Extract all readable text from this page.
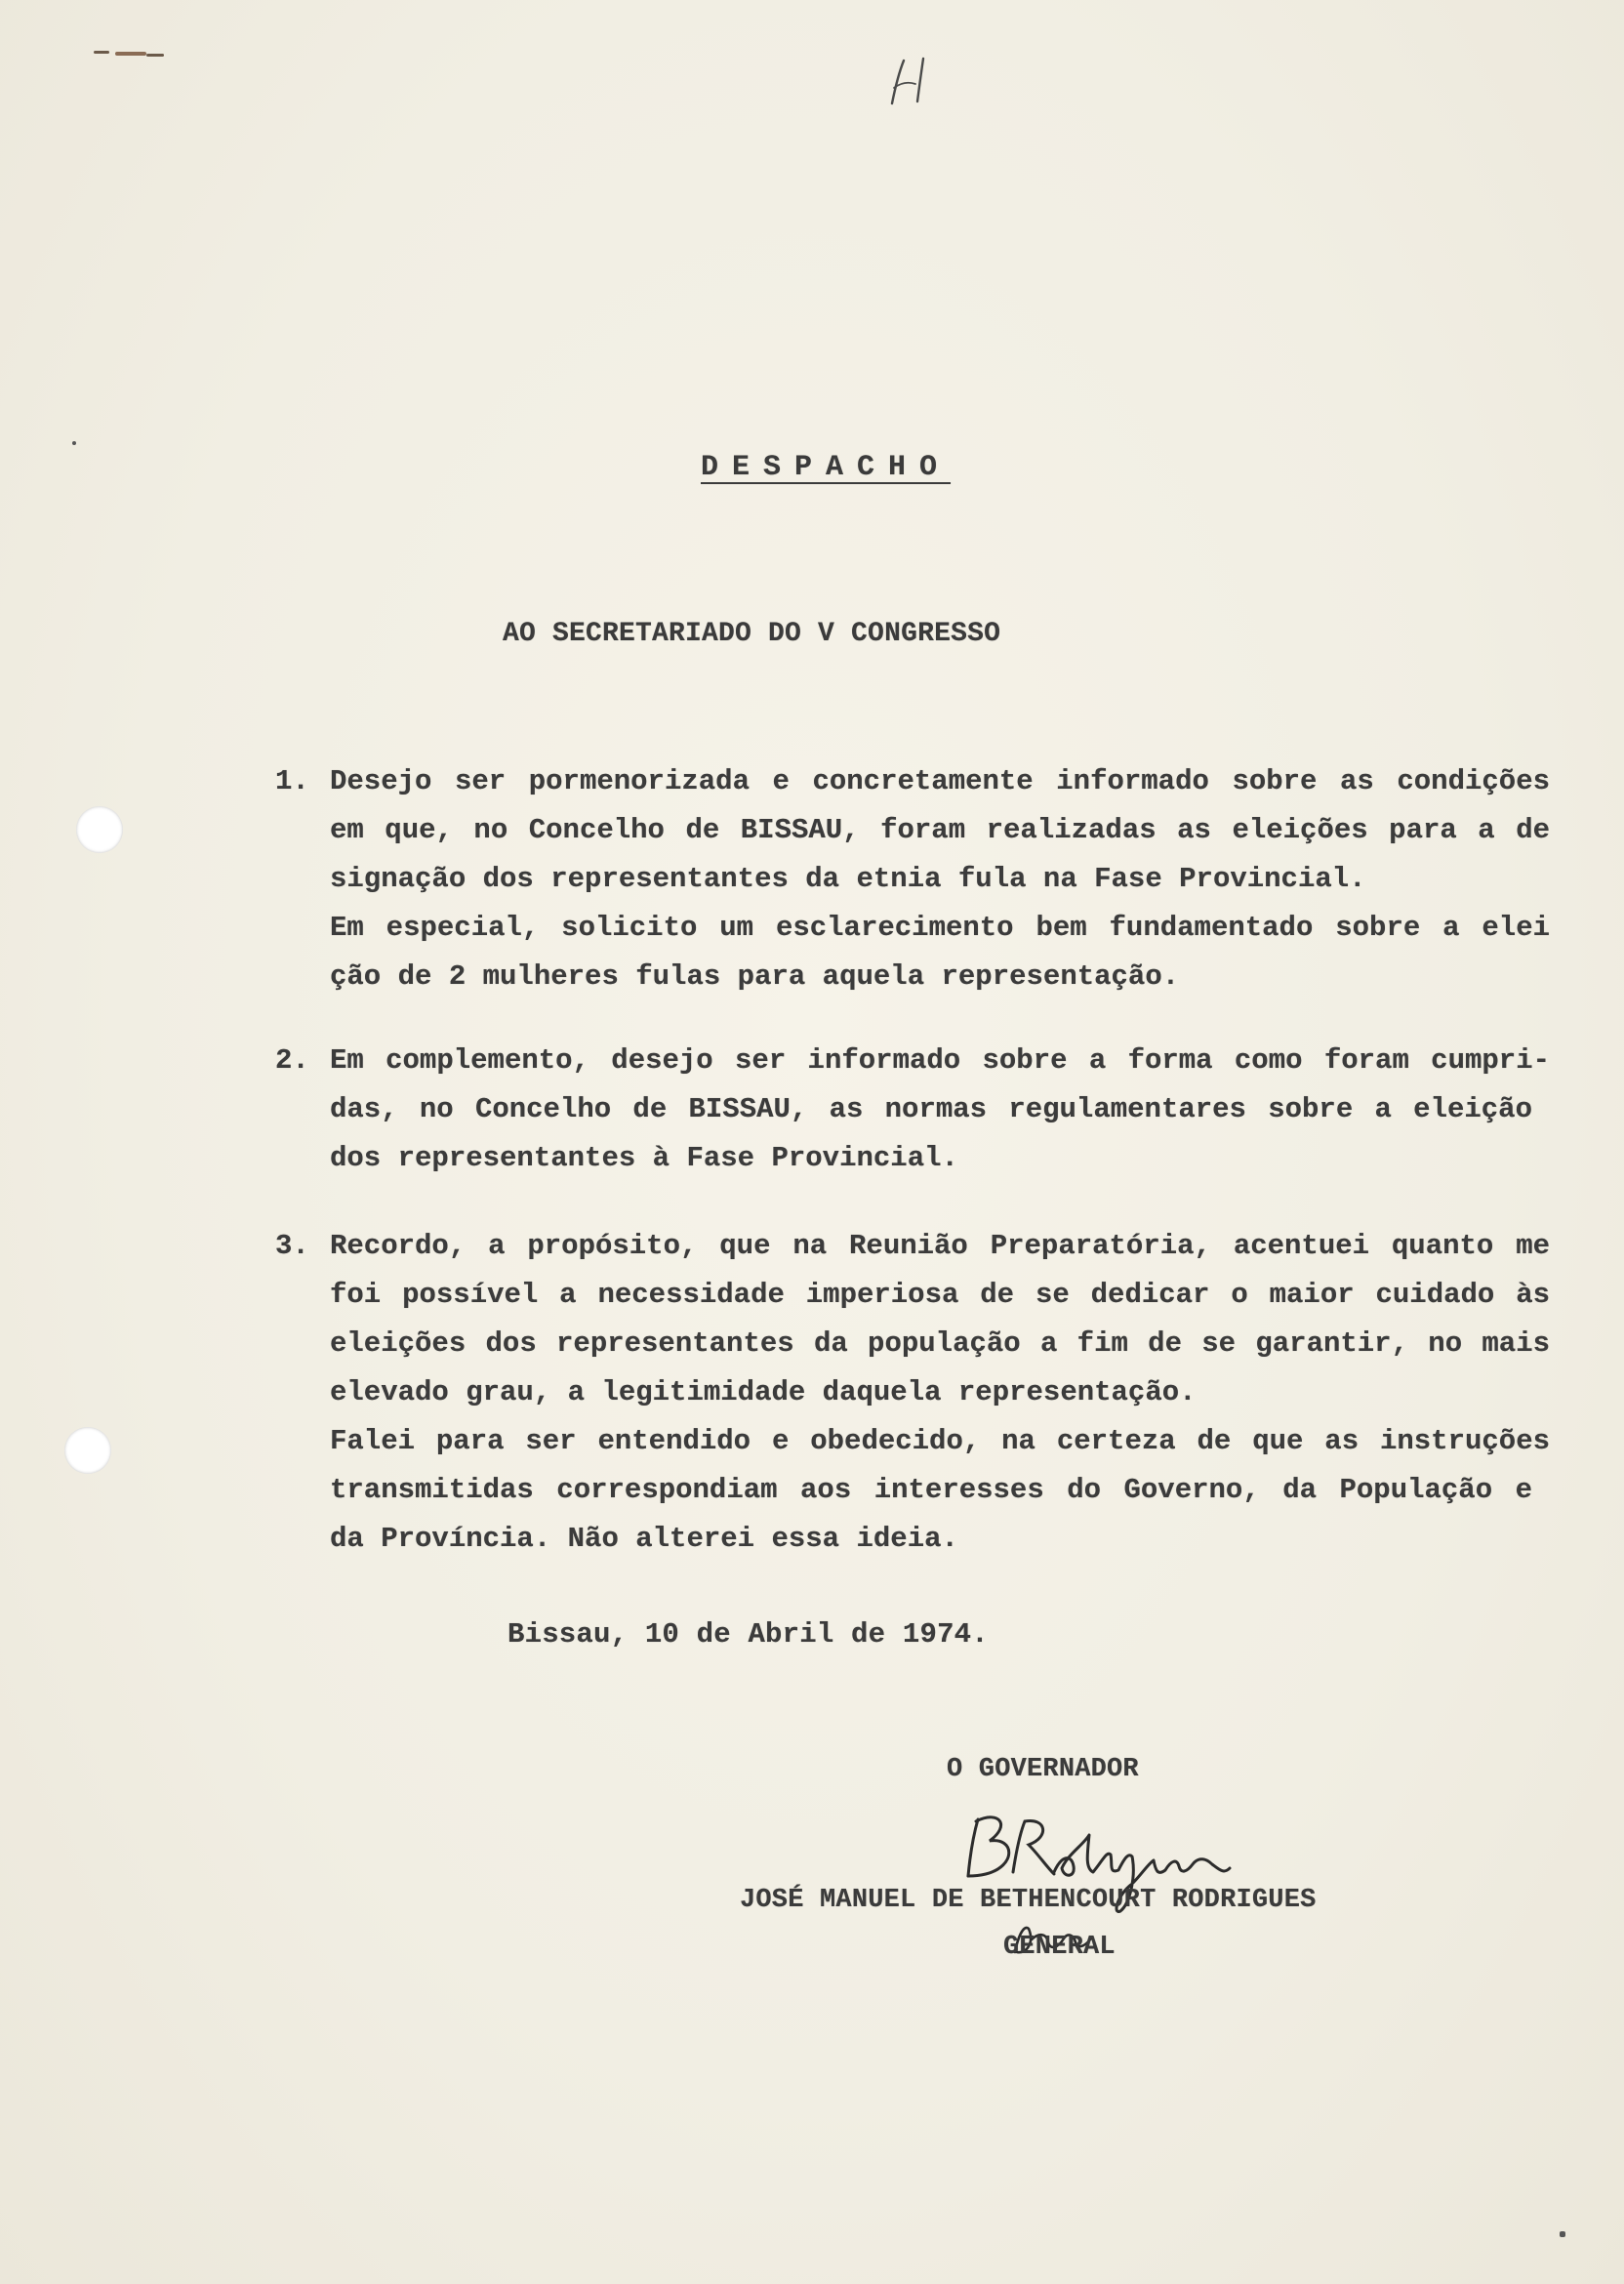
DESPACHO
AO SECRETARIADO DO V CONGRESSO
1. Desejo ser pormenorizada e concretamente informado sobre as condições
em que, no Concelho de BISSAU, foram realizadas as eleições para a de
signação dos representantes da etnia fula na Fase Provincial.
Em especial, solicito um esclarecimento bem fundamentado sobre a elei
ção de 2 mulheres fulas para aquela representação.
2. Em complemento, desejo ser informado sobre a forma como foram cumpri-
das, no Concelho de BISSAU, as normas regulamentares sobre a eleição
dos representantes à Fase Provincial.
3. Recordo, a propósito, que na Reunião Preparatória, acentuei quanto me
foi possível a necessidade imperiosa de se dedicar o maior cuidado às
eleições dos representantes da população a fim de se garantir, no mais
elevado grau, a legitimidade daquela representação.
Falei para ser entendido e obedecido, na certeza de que as instruções
transmitidas correspondiam aos interesses do Governo, da População e
da Província. Não alterei essa ideia.
Bissau, 10 de Abril de 1974.
O GOVERNADOR
JOSÉ MANUEL DE BETHENCOURT RODRIGUES
GENERAL
